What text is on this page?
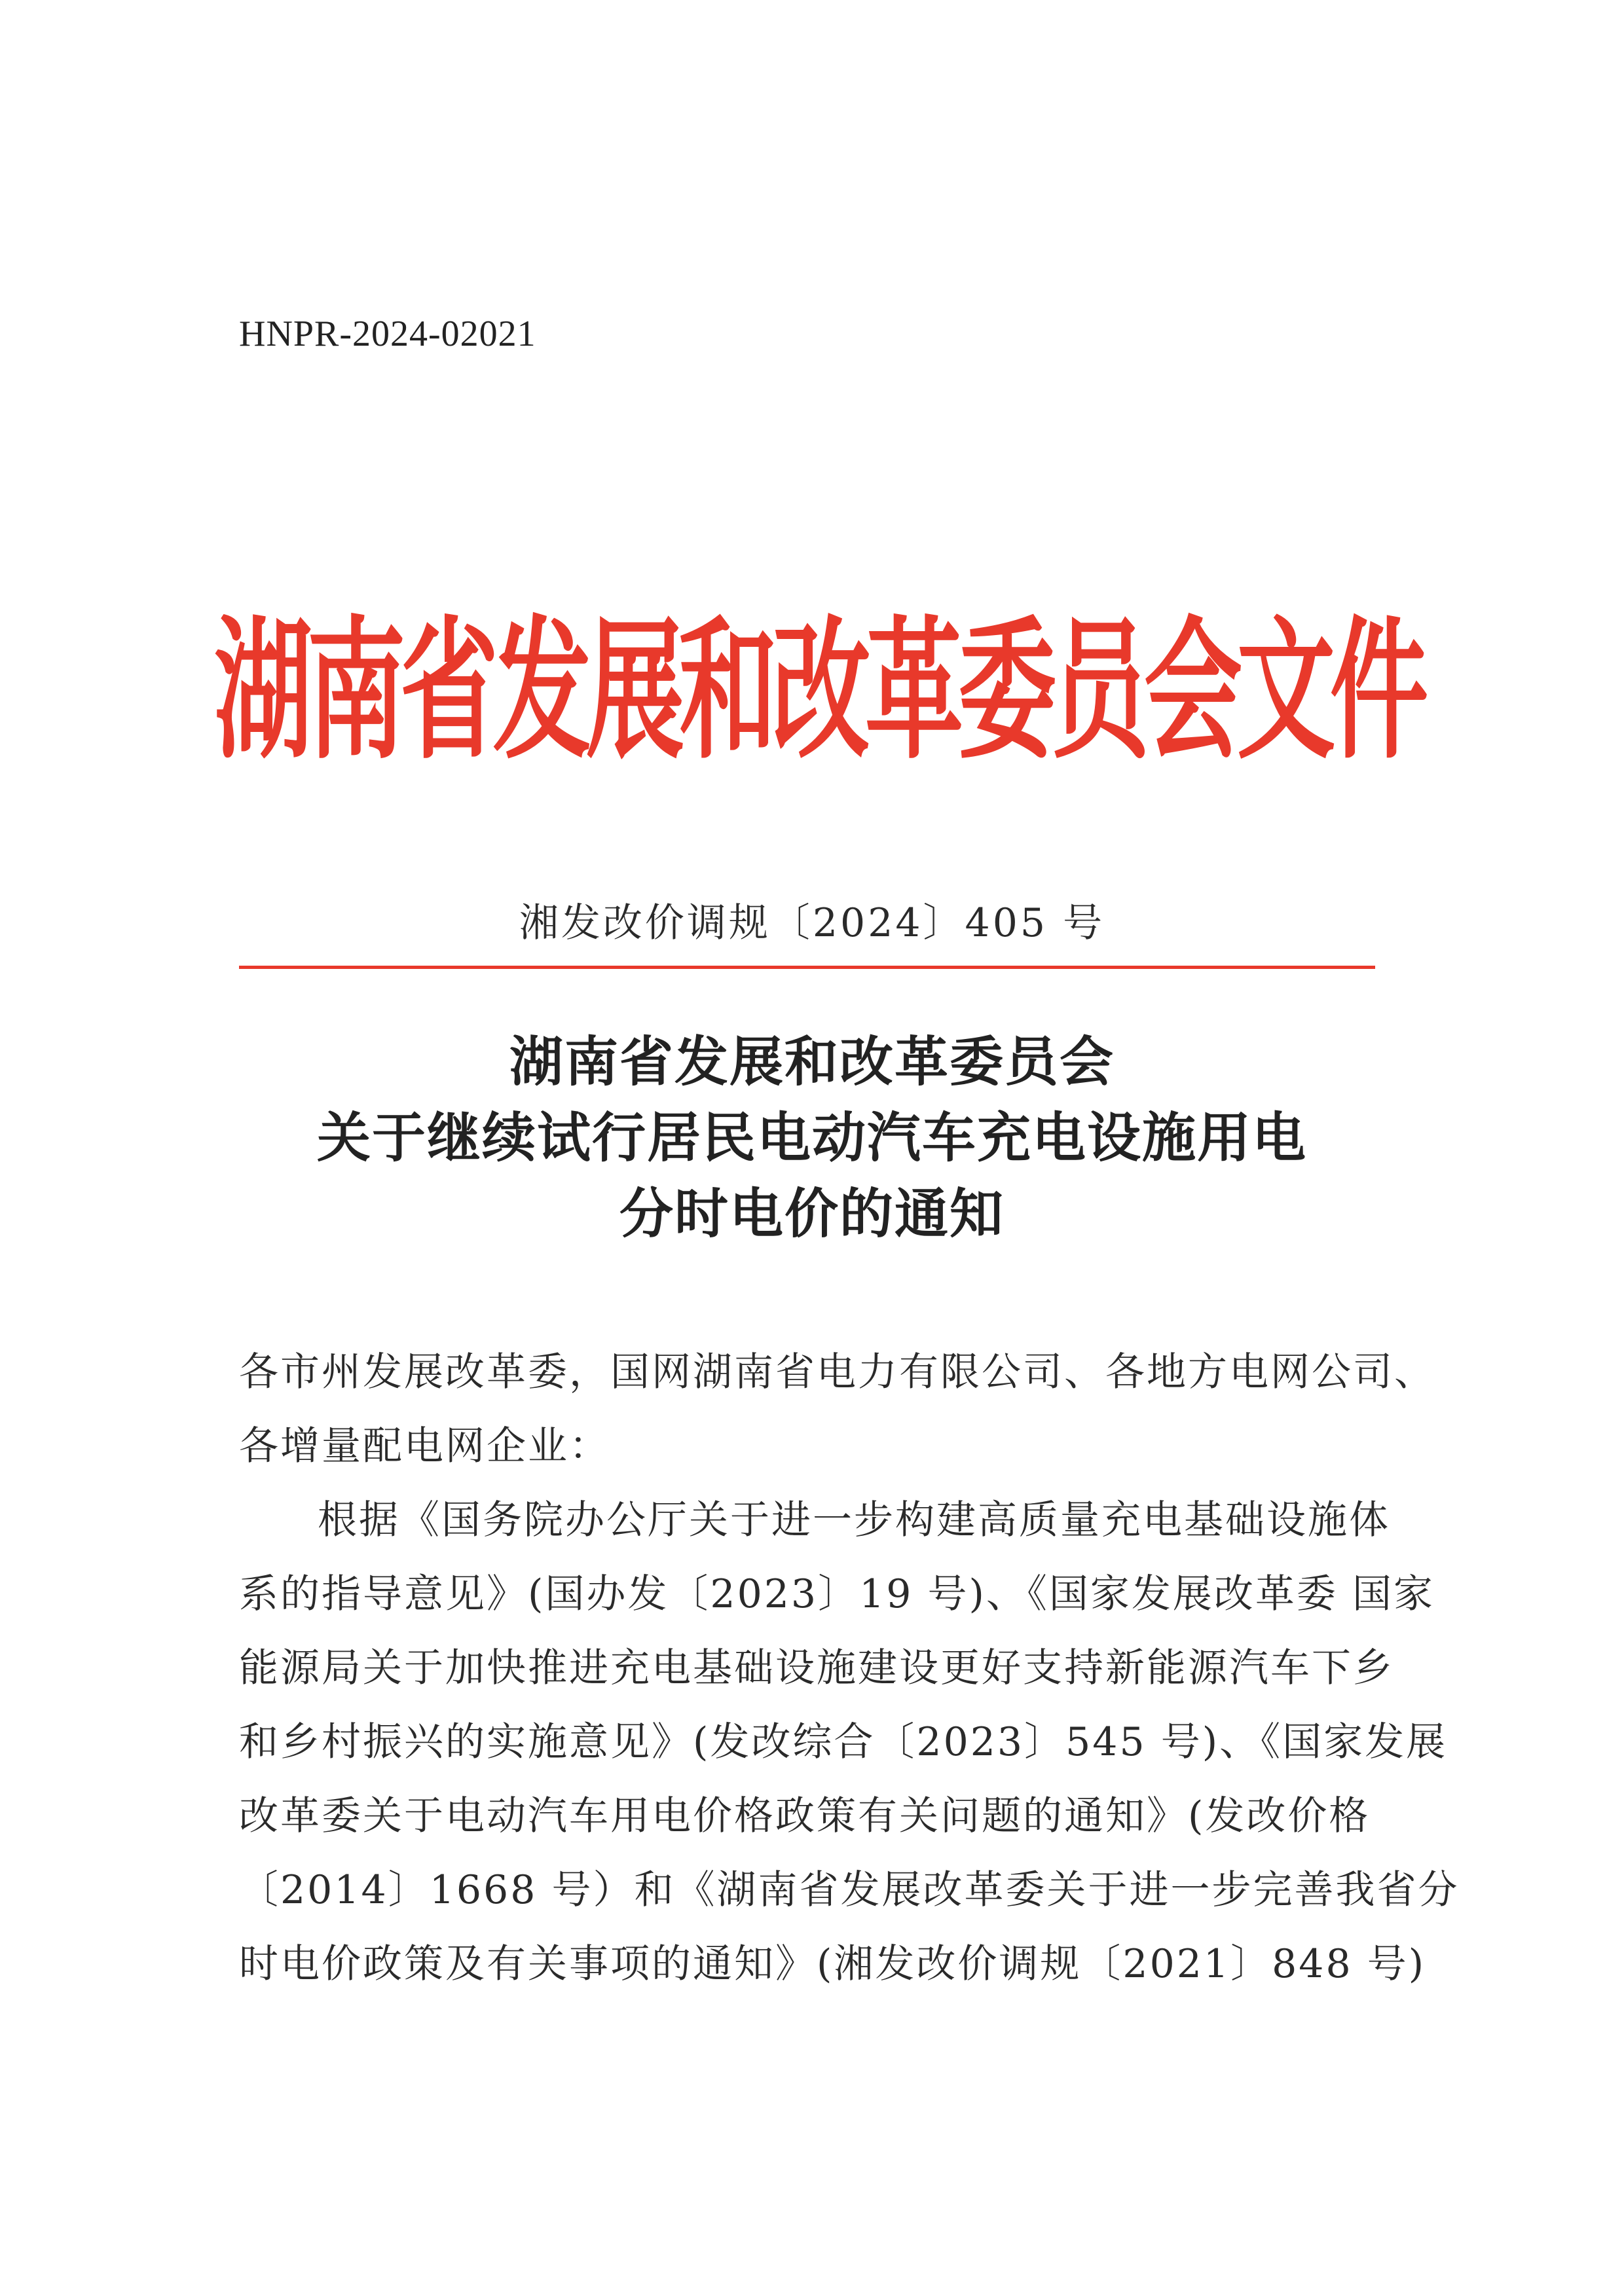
HNPR-2024-02021
湖南省发展和改革委员会文件
湘发改价调规〔2024〕405 号
湖南省发展和改革委员会
关于继续试行居民电动汽车充电设施用电
分时电价的通知
各市州发展改革委，国网湖南省电力有限公司、各地方电网公司、
各增量配电网企业：
根据《国务院办公厅关于进一步构建高质量充电基础设施体
系的指导意见》(国办发〔2023〕19 号)、《国家发展改革委 国家
能源局关于加快推进充电基础设施建设更好支持新能源汽车下乡
和乡村振兴的实施意见》(发改综合〔2023〕545 号)、《国家发展
改革委关于电动汽车用电价格政策有关问题的通知》(发改价格
〔2014〕1668 号）和《湖南省发展改革委关于进一步完善我省分
时电价政策及有关事项的通知》(湘发改价调规〔2021〕848 号)
